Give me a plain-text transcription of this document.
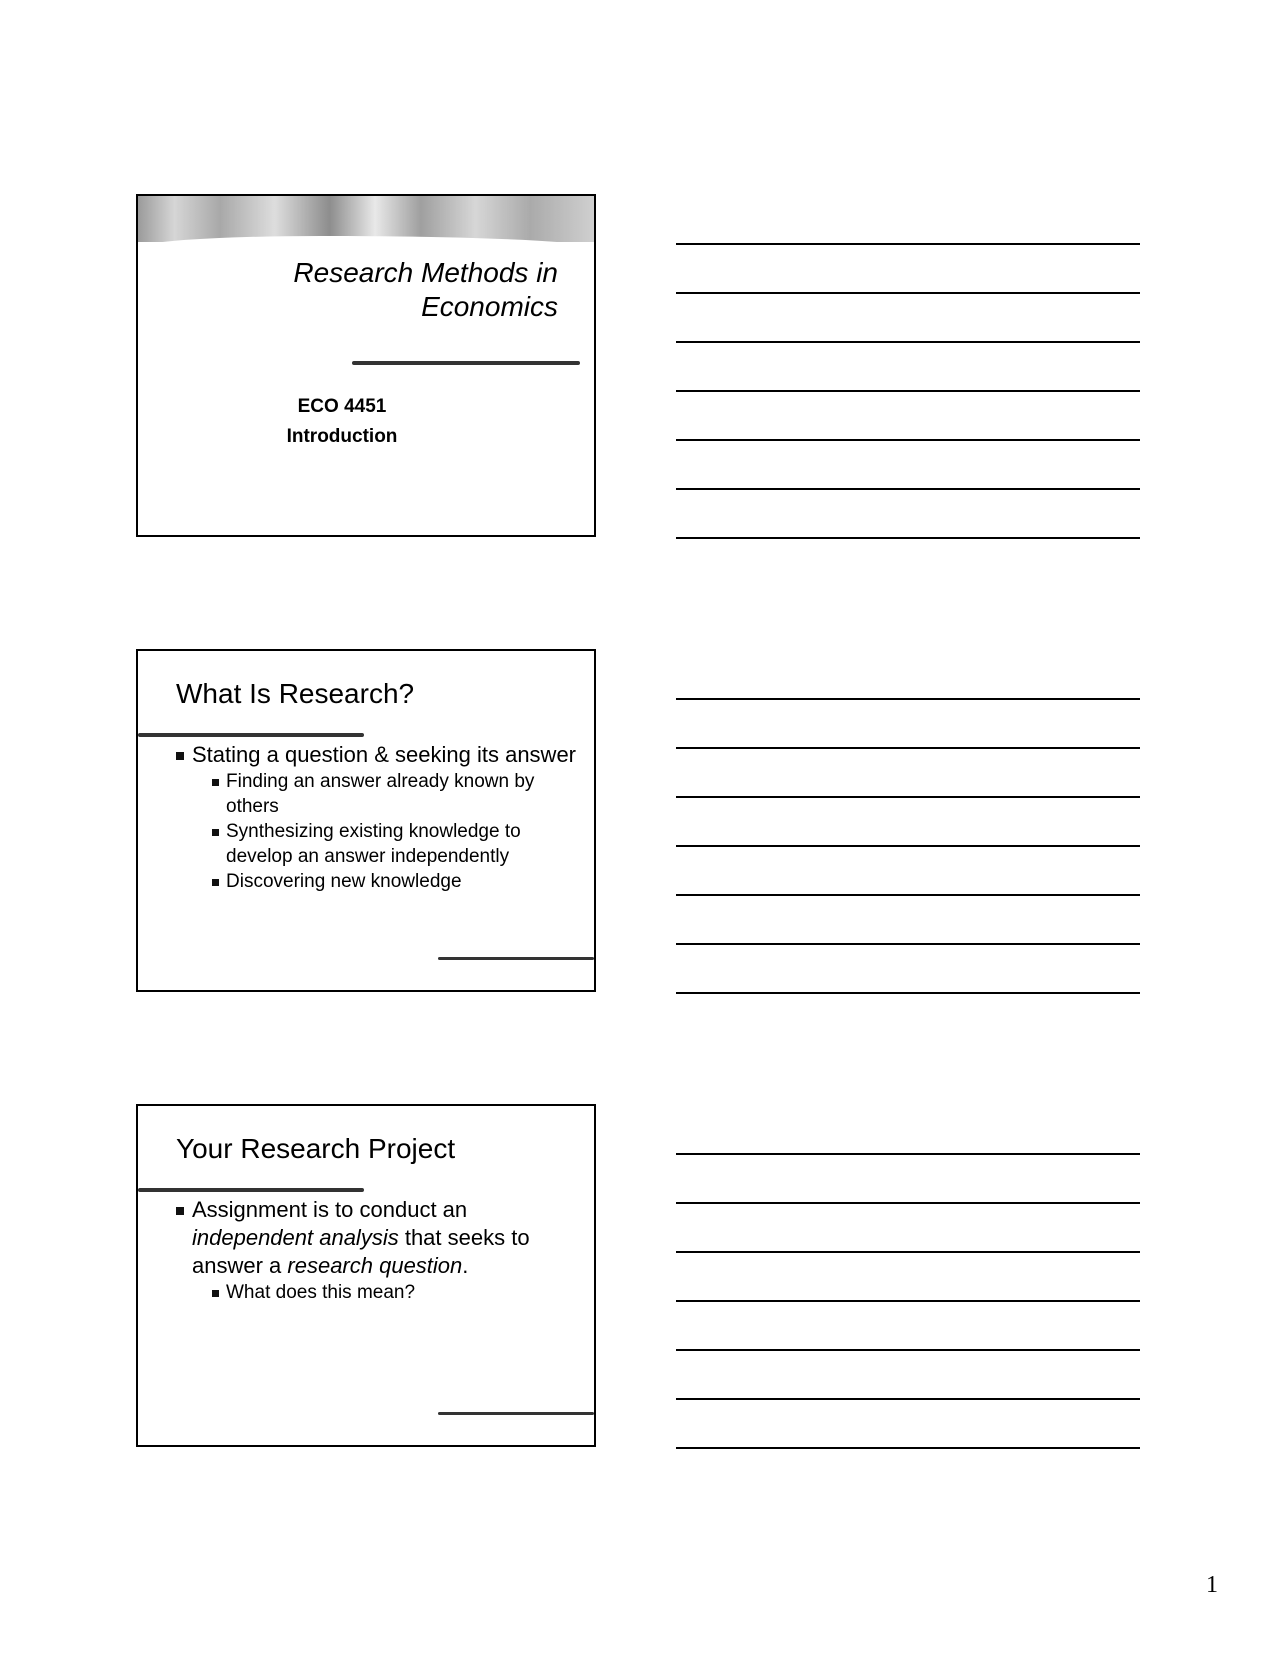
Research Methods in
Economics
ECO 4451
Introduction
What Is Research?
Stating a question & seeking its answer
Finding an answer already known by others
Synthesizing existing knowledge to develop an answer independently
Discovering new knowledge
Your Research Project
Assignment is to conduct an independent analysis that seeks to answer a research question.
What does this mean?
1
